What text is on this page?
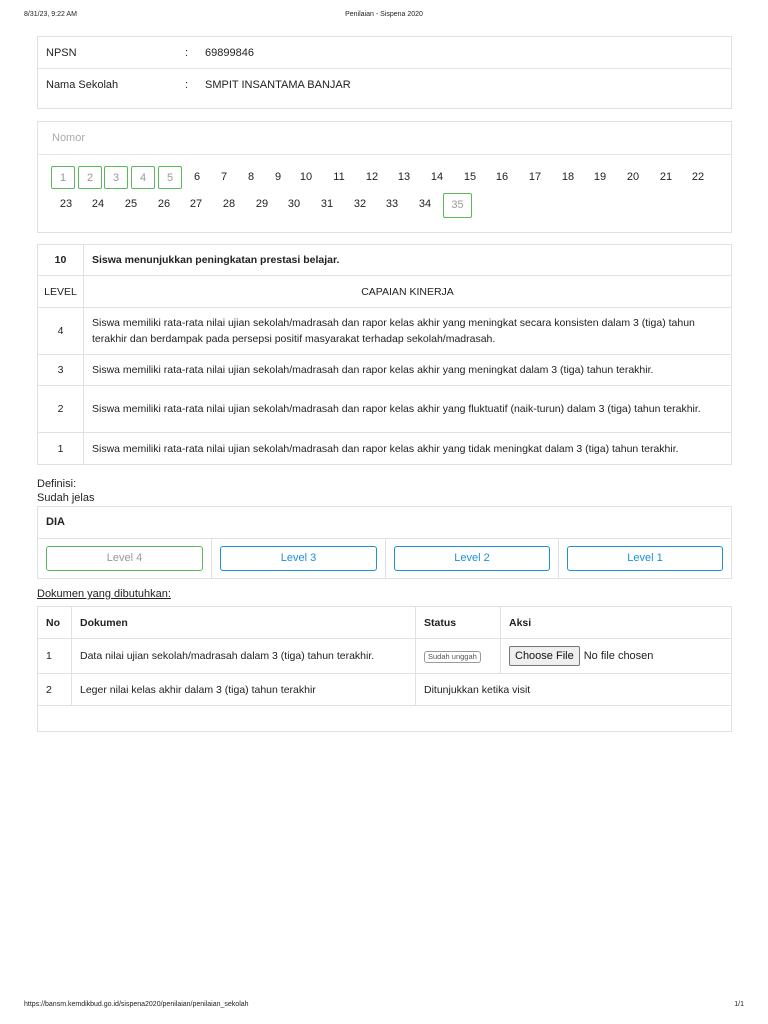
8/31/23, 9:22 AM	Penilaian - Sispena 2020
NPSN	: 69899846
Nama Sekolah	: SMPIT INSANTAMA BANJAR
Nomor
1	2	3	4	5	6	7	8	9	10	11	12	13	14	15	16	17	18	19	20	21	22
23	24	25	26	27	28	29	30	31	32	33	34	35
10	Siswa menunjukkan peningkatan prestasi belajar.
LEVEL	CAPAIAN KINERJA
4	Siswa memiliki rata-rata nilai ujian sekolah/madrasah dan rapor kelas akhir yang meningkat secara konsisten dalam 3 (tiga) tahun terakhir dan berdampak pada persepsi positif masyarakat terhadap sekolah/madrasah.
3	Siswa memiliki rata-rata nilai ujian sekolah/madrasah dan rapor kelas akhir yang meningkat dalam 3 (tiga) tahun terakhir.
2	Siswa memiliki rata-rata nilai ujian sekolah/madrasah dan rapor kelas akhir yang fluktuatif (naik-turun) dalam 3 (tiga) tahun terakhir.
1	Siswa memiliki rata-rata nilai ujian sekolah/madrasah dan rapor kelas akhir yang tidak meningkat dalam 3 (tiga) tahun terakhir.
Definisi:
Sudah jelas
DIA
Level 4	Level 3	Level 2	Level 1
Dokumen yang dibutuhkan:
No	Dokumen	Status	Aksi
1	Data nilai ujian sekolah/madrasah dalam 3 (tiga) tahun terakhir.	Sudah unggah	Choose File No file chosen
2	Leger nilai kelas akhir dalam 3 (tiga) tahun terakhir	Ditunjukkan ketika visit	

https://bansm.kemdikbud.go.id/sispena2020/penilaian/penilaian_sekolah	1/1
